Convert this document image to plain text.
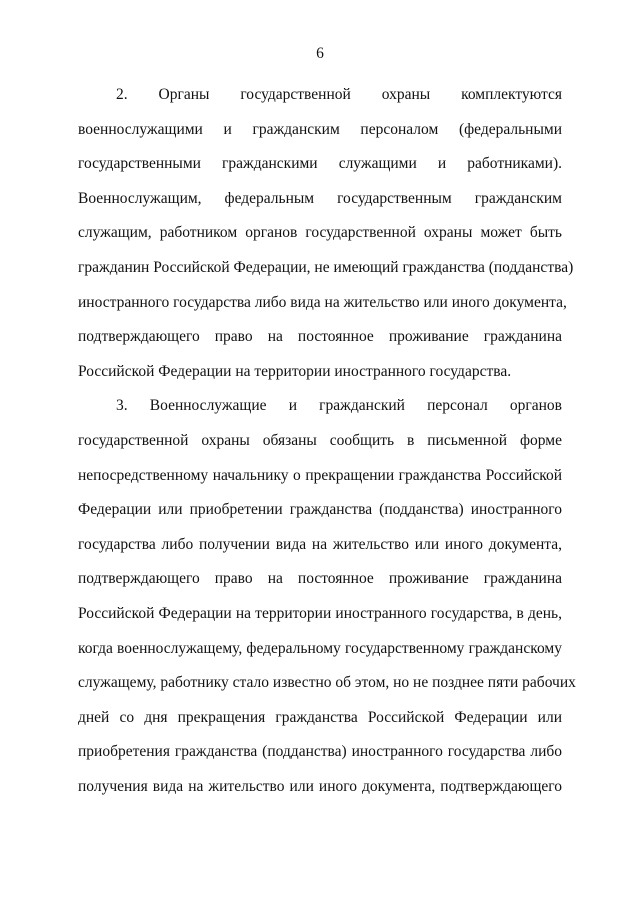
6
2. Органы государственной охраны комплектуются
военнослужащими и гражданским персоналом (федеральными
государственными гражданскими служащими и работниками).
Военнослужащим, федеральным государственным гражданским
служащим, работником органов государственной охраны может быть
гражданин Российской Федерации, не имеющий гражданства (подданства)
иностранного государства либо вида на жительство или иного документа,
подтверждающего право на постоянное проживание гражданина
Российской Федерации на территории иностранного государства.
3. Военнослужащие и гражданский персонал органов
государственной охраны обязаны сообщить в письменной форме
непосредственному начальнику о прекращении гражданства Российской
Федерации или приобретении гражданства (подданства) иностранного
государства либо получении вида на жительство или иного документа,
подтверждающего право на постоянное проживание гражданина
Российской Федерации на территории иностранного государства, в день,
когда военнослужащему, федеральному государственному гражданскому
служащему, работнику стало известно об этом, но не позднее пяти рабочих
дней со дня прекращения гражданства Российской Федерации или
приобретения гражданства (подданства) иностранного государства либо
получения вида на жительство или иного документа, подтверждающего
